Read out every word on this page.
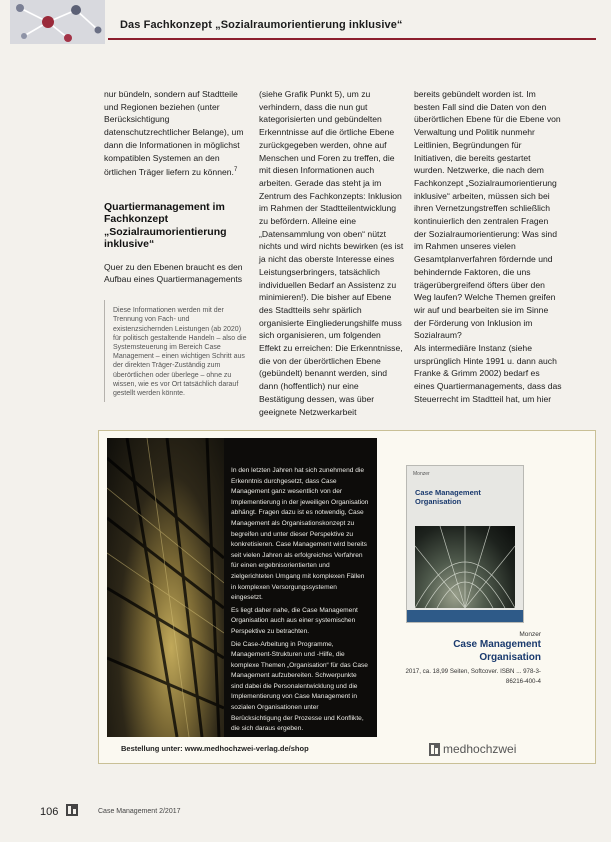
Das Fachkonzept „Sozialraumorientierung inklusive“

nur bündeln, sondern auf Stadtteile und Regionen beziehen (unter Berücksichtigung datenschutzrechtlicher Belange), um dann die Informationen in möglichst kompatiblen Systemen an den örtlichen Träger liefern zu können.$^7$

Quartiermanagement im Fachkonzept „Sozialraumorientierung inklusive“

Quer zu den Ebenen braucht es den Aufbau eines Quartiermanagements

Diese Informationen werden mit der Trennung von Fach- und existenzsichernden Leistungen (ab 2020) für politisch gestaltende Handeln – also die Systemsteuerung im Bereich Case Management – einen wichtigen Schritt aus der direkten Träger-Zuständig zum überörtlichen oder überlege – ohne zu wissen, wie es vor Ort tatsächlich darauf gestellt werden könnte.

(siehe Grafik Punkt 5), um zu verhindern, dass die nun gut kategorisierten und gebündelten Erkenntnisse auf die örtliche Ebene zurückgegeben werden, ohne auf Menschen und Foren zu treffen, die mit diesen Informationen auch arbeiten. Gerade das steht ja im Zentrum des Fachkonzepts: Inklusion im Rahmen der Stadtteilentwicklung zu befördern. Alleine eine „Datensammlung von oben“ nützt nichts und wird nichts bewirken (es ist ja nicht das oberste Interesse eines Leistungserbringers, tatsächlich individuellen Bedarf an Assistenz zu minimieren!). Die bisher auf Ebene des Stadtteils sehr spärlich organisierte Eingliederungshilfe muss sich organisieren, um folgenden Effekt zu erreichen: Die Erkenntnisse, die von der überörtlichen Ebene (gebündelt) benannt werden, sind dann (hoffentlich) nur eine Bestätigung dessen, was über geeignete Netzwerkarbeit

bereits gebündelt worden ist. Im besten Fall sind die Daten von den überörtlichen Ebene für die Ebene von Verwaltung und Politik nunmehr Leitlinien, Begründungen für Initiativen, die bereits gestartet wurden. Netzwerke, die nach dem Fachkonzept „Sozialraumorientierung inklusive“ arbeiten, müssen sich bei ihren Vernetzungstreffen schließlich kontinuierlich den zentralen Fragen der Sozialraumorientierung: Was sind im Rahmen unseres vielen Gesamtplanverfahren fördernde und behindernde Faktoren, die uns trägerübergreifend öfters über den Weg laufen? Welche Themen greifen wir auf und bearbeiten sie im Sinne der Förderung von Inklusion im Sozialraum?

Als intermediäre Instanz (siehe ursprünglich Hinte 1991 u. dann auch Franke & Grimm 2002) bedarf es eines Quartiermanagements, dass das Steuerrecht im Stadtteil hat, um hier

In den letzten Jahren hat sich zunehmend die Erkenntnis durchgesetzt, dass Case Management ganz wesentlich von der Implementierung in der jeweiligen Organisation abhängt. Fragen dazu ist es notwendig, Case Management als Organisationskonzept zu begreifen und unter dieser Perspektive zu konkretisieren. Case Management wird bereits seit vielen Jahren als erfolgreiches Verfahren für einen ergebnisorientierten und zielgerichteten Umgang mit komplexen Fällen in komplexen Versorgungssystemen eingesetzt.

Es liegt daher nahe, die Case Management Organisation auch aus einer systemischen Perspektive zu betrachten.

Die Case-Arbeitung in Programme, Management-Strukturen und -Hilfe, die komplexe Themen „Organisation“ für das Case Management aufzubereiten. Schwerpunkte sind dabei die Personalentwicklung und die Implementierung von Case Management in sozialen Organisationen unter Berücksichtigung der Prozesse und Konflikte, die sich daraus ergeben.

Bestellung unter: www.medhochzwei-verlag.de/shop
Monzer
Case Management Organisation
Monzer
Case Management Organisation
2017, ca. 18,99 Seiten, Softcover. ISBN ... 978-3-86216-400-4
medhochzwei
106	Case Management 2/2017
